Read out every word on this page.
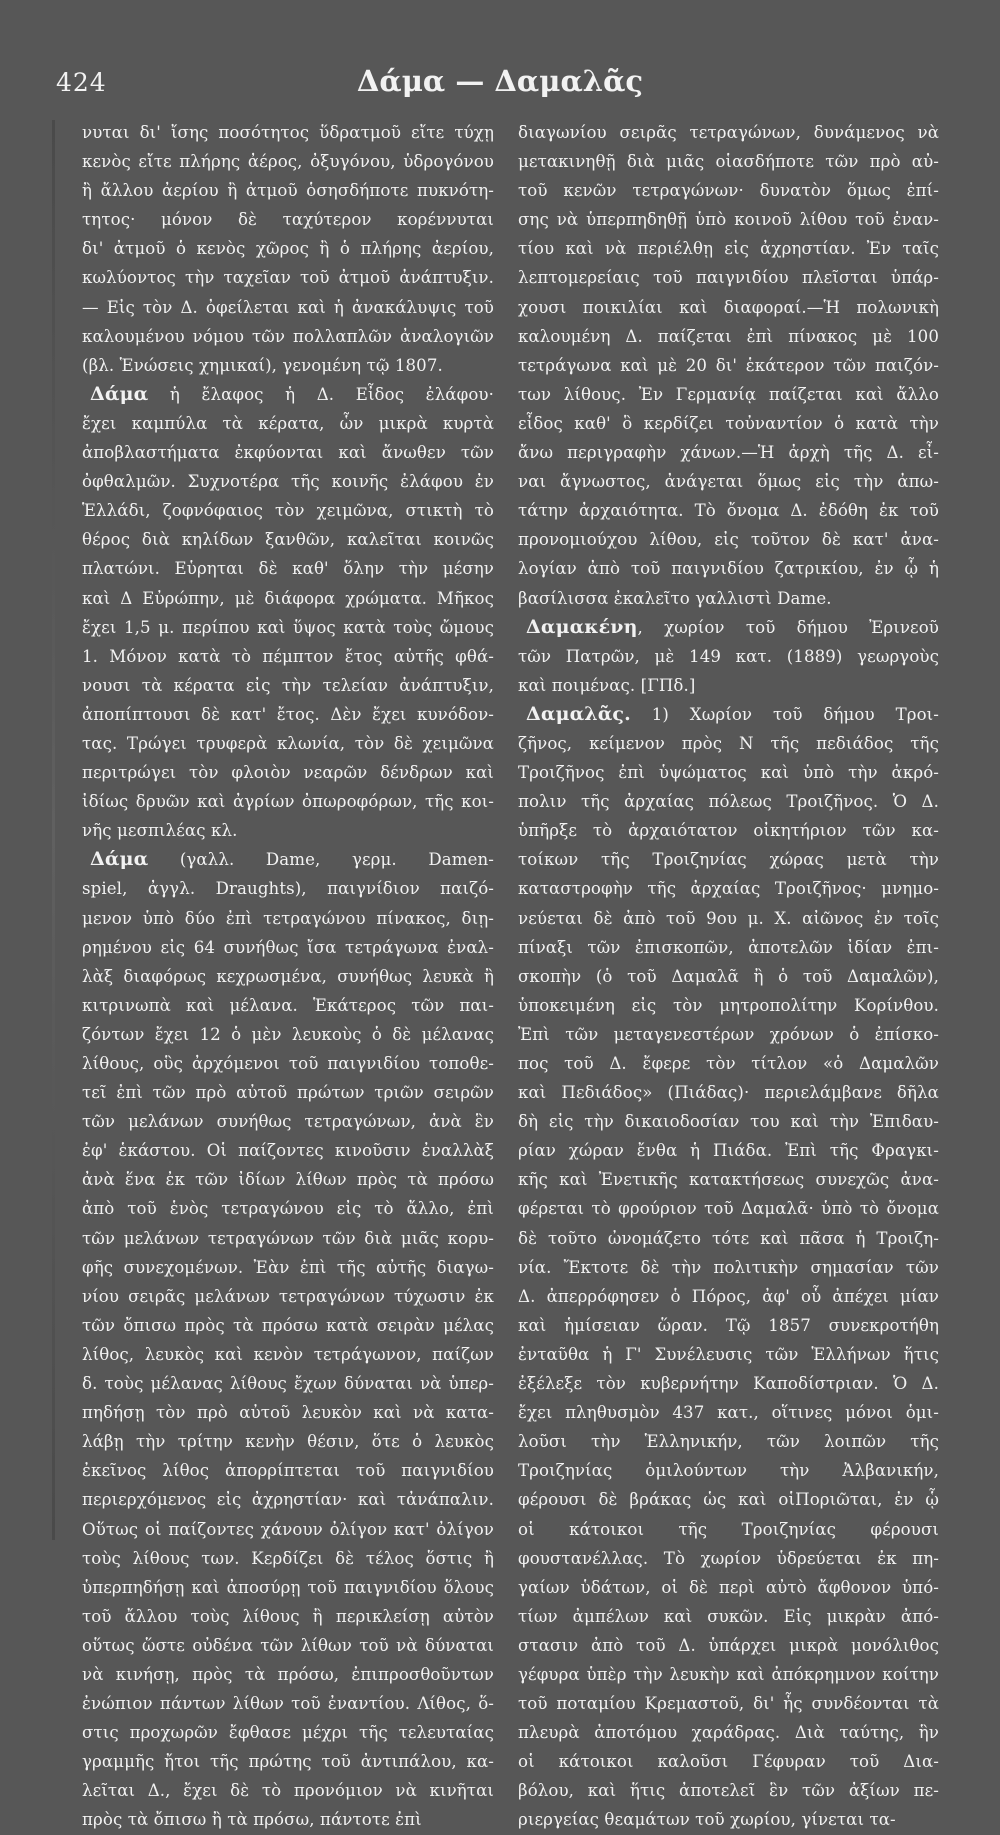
424	Δάμα — Δαμαλᾶς
νυται δι' ἴσης ποσότητος ὕδρατμοῦ εἴτε τύχῃ
κενὸς εἴτε πλήρης ἀέρος, ὀξυγόνου, ὑδρογόνου
ἢ ἄλλου ἀερίου ἢ ἀτμοῦ ὁσησδήποτε πυκνότη-
τητος· μόνον δὲ ταχύτερον κορέννυται
δι' ἀτμοῦ ὁ κενὸς χῶρος ἢ ὁ πλήρης ἀερίου,
κωλύοντος τὴν ταχεῖαν τοῦ ἀτμοῦ ἀνάπτυξιν.
— Εἰς τὸν Δ. ὀφείλεται καὶ ἡ ἀνακάλυψις τοῦ
καλουμένου νόμου τῶν πολλαπλῶν ἀναλογιῶν
(βλ. Ἑνώσεις χημικαί), γενομένη τῷ 1807.
Δάμα ἡ ἔλαφος ἡ Δ. Εἶδος ἐλάφου·
ἔχει καμπύλα τὰ κέρατα, ὧν μικρὰ κυρτὰ
ἀποβλαστήματα ἐκφύονται καὶ ἄνωθεν τῶν
ὀφθαλμῶν. Συχνοτέρα τῆς κοινῆς ἐλάφου ἐν
Ἑλλάδι, ζοφνόφαιος τὸν χειμῶνα, στικτὴ τὸ
θέρος διὰ κηλίδων ξανθῶν, καλεῖται κοινῶς
πλατώνι. Εὑρηται δὲ καθ' ὅλην τὴν μέσην
καὶ Δ Εὐρώπην, μὲ διάφορα χρώματα. Μῆκος
ἔχει 1,5 μ. περίπου καὶ ὕψος κατὰ τοὺς ὤμους
1. Μόνον κατὰ τὸ πέμπτον ἔτος αὐτῆς φθά-
νουσι τὰ κέρατα εἰς τὴν τελείαν ἀνάπτυξιν,
ἀποπίπτουσι δὲ κατ' ἔτος. Δὲν ἔχει κυνόδον-
τας. Τρώγει τρυφερὰ κλωνία, τὸν δὲ χειμῶνα
περιτρώγει τὸν φλοιὸν νεαρῶν δένδρων καὶ
ἰδίως δρυῶν καὶ ἀγρίων ὀπωροφόρων, τῆς κοι-
νῆς μεσπιλέας κλ.
Δάμα (γαλλ. Dame, γερμ. Damen-
spiel, ἀγγλ. Draughts), παιγνίδιον παιζό-
μενον ὑπὸ δύο ἐπὶ τετραγώνου πίνακος, διῃ-
ρημένου εἰς 64 συνήθως ἴσα τετράγωνα ἐναλ-
λὰξ διαφόρως κεχρωσμένα, συνήθως λευκὰ ἢ
κιτρινωπὰ καὶ μέλανα. Ἑκάτερος τῶν παι-
ζόντων ἔχει 12 ὁ μὲν λευκοὺς ὁ δὲ μέλανας
λίθους, οὓς ἀρχόμενοι τοῦ παιγνιδίου τοποθε-
τεῖ ἐπὶ τῶν πρὸ αὐτοῦ πρώτων τριῶν σειρῶν
τῶν μελάνων συνήθως τετραγώνων, ἀνὰ ἓν
ἐφ' ἑκάστου. Οἱ παίζοντες κινοῦσιν ἐναλλὰξ
ἀνὰ ἕνα ἐκ τῶν ἰδίων λίθων πρὸς τὰ πρόσω
ἀπὸ τοῦ ἑνὸς τετραγώνου εἰς τὸ ἄλλο, ἐπὶ
τῶν μελάνων τετραγώνων τῶν διὰ μιᾶς κορυ-
φῆς συνεχομένων. Ἐὰν ἐπὶ τῆς αὐτῆς διαγω-
νίου σειρᾶς μελάνων τετραγώνων τύχωσιν ἐκ
τῶν ὄπισω πρὸς τὰ πρόσω κατὰ σειρὰν μέλας
λίθος, λευκὸς καὶ κενὸν τετράγωνον, παίζων
δ. τοὺς μέλανας λίθους ἔχων δύναται νὰ ὑπερ-
πηδήσῃ τὸν πρὸ αὐτοῦ λευκὸν καὶ νὰ κατα-
λάβῃ τὴν τρίτην κενὴν θέσιν, ὅτε ὁ λευκὸς
ἐκεῖνος λίθος ἀπορρίπτεται τοῦ παιγνιδίου
περιερχόμενος εἰς ἀχρηστίαν· καὶ τἀνάπαλιν.
Οὕτως οἱ παίζοντες χάνουν ὀλίγον κατ' ὀλίγον
τοὺς λίθους των. Κερδίζει δὲ τέλος ὅστις ἢ
ὑπερπηδήσῃ καὶ ἀποσύρῃ τοῦ παιγνιδίου ὅλους
τοῦ ἄλλου τοὺς λίθους ἢ περικλείσῃ αὐτὸν
οὕτως ὥστε οὐδένα τῶν λίθων τοῦ νὰ δύναται
νὰ κινήσῃ, πρὸς τὰ πρόσω, ἐπιπροσθοῦντων
ἐνώπιον πάντων λίθων τοῦ ἐναντίου. Λίθος, ὅ-
στις προχωρῶν ἔφθασε μέχρι τῆς τελευταίας
γραμμῆς ἤτοι τῆς πρώτης τοῦ ἀντιπάλου, κα-
λεῖται Δ., ἔχει δὲ τὸ προνόμιον νὰ κινῆται
πρὸς τὰ ὄπισω ἢ τὰ πρόσω, πάντοτε ἐπὶ
διαγωνίου σειρᾶς τετραγώνων, δυνάμενος νὰ
μετακινηθῇ διὰ μιᾶς οἱασδήποτε τῶν πρὸ αὐ-
τοῦ κενῶν τετραγώνων· δυνατὸν ὅμως ἐπί-
σης νὰ ὑπερπηδηθῇ ὑπὸ κοινοῦ λίθου τοῦ ἐναν-
τίου καὶ νὰ περιέλθῃ εἰς ἀχρηστίαν. Ἐν ταῖς
λεπτομερείαις τοῦ παιγνιδίου πλεῖσται ὑπάρ-
χουσι ποικιλίαι καὶ διαφοραί.—Ἡ πολωνικὴ
καλουμένη Δ. παίζεται ἐπὶ πίνακος μὲ 100
τετράγωνα καὶ μὲ 20 δι' ἑκάτερον τῶν παιζόν-
των λίθους. Ἐν Γερμανίᾳ παίζεται καὶ ἄλλο
εἶδος καθ' ὃ κερδίζει τοὐναντίον ὁ κατὰ τὴν
ἄνω περιγραφὴν χάνων.—Ἡ ἀρχὴ τῆς Δ. εἶ-
ναι ἄγνωστος, ἀνάγεται ὅμως εἰς τὴν ἀπω-
τάτην ἀρχαιότητα. Τὸ ὄνομα Δ. ἐδόθη ἐκ τοῦ
προνομιούχου λίθου, εἰς τοῦτον δὲ κατ' ἀνα-
λογίαν ἀπὸ τοῦ παιγνιδίου ζατρικίου, ἐν ᾧ ἡ
βασίλισσα ἐκαλεῖτο γαλλιστὶ Dame.
Δαμακένη, χωρίον τοῦ δήμου Ἐρινεοῦ
τῶν Πατρῶν, μὲ 149 κατ. (1889) γεωργοὺς
καὶ ποιμένας. [ΓΠδ.]
Δαμαλᾶς. 1) Χωρίον τοῦ δήμου Τροι-
ζῆνος, κείμενον πρὸς Ν τῆς πεδιάδος τῆς
Τροιζῆνος ἐπὶ ὑψώματος καὶ ὑπὸ τὴν ἀκρό-
πολιν τῆς ἀρχαίας πόλεως Τροιζῆνος. Ὁ Δ.
ὑπῆρξε τὸ ἀρχαιότατον οἰκητήριον τῶν κα-
τοίκων τῆς Τροιζηνίας χώρας μετὰ τὴν
καταστροφὴν τῆς ἀρχαίας Τροιζῆνος· μνημο-
νεύεται δὲ ἀπὸ τοῦ 9ου μ. Χ. αἰῶνος ἐν τοῖς
πίναξι τῶν ἐπισκοπῶν, ἀποτελῶν ἰδίαν ἐπι-
σκοπὴν (ὁ τοῦ Δαμαλᾶ ἢ ὁ τοῦ Δαμαλῶν),
ὑποκειμένη εἰς τὸν μητροπολίτην Κορίνθου.
Ἐπὶ τῶν μεταγενεστέρων χρόνων ὁ ἐπίσκο-
πος τοῦ Δ. ἔφερε τὸν τίτλον «ὁ Δαμαλῶν
καὶ Πεδιάδος» (Πιάδας)· περιελάμβανε δῆλα
δὴ εἰς τὴν δικαιοδοσίαν του καὶ τὴν Ἐπιδαυ-
ρίαν χώραν ἔνθα ἡ Πιάδα. Ἐπὶ τῆς Φραγκι-
κῆς καὶ Ἐνετικῆς κατακτήσεως συνεχῶς ἀνα-
φέρεται τὸ φρούριον τοῦ Δαμαλᾶ· ὑπὸ τὸ ὄνομα
δὲ τοῦτο ὠνομάζετο τότε καὶ πᾶσα ἡ Τροιζη-
νία. Ἔκτοτε δὲ τὴν πολιτικὴν σημασίαν τῶν
Δ. ἀπερρόφησεν ὁ Πόρος, ἀφ' οὗ ἀπέχει μίαν
καὶ ἡμίσειαν ὥραν. Τῷ 1857 συνεκροτήθη
ἐνταῦθα ἡ Γ' Συνέλευσις τῶν Ἑλλήνων ἥτις
ἐξέλεξε τὸν κυβερνήτην Καποδίστριαν. Ὁ Δ.
ἔχει πληθυσμὸν 437 κατ., οἵτινες μόνοι ὁμι-
λοῦσι τὴν Ἑλληνικήν, τῶν λοιπῶν τῆς
Τροιζηνίας ὁμιλούντων τὴν Ἀλβανικήν,
φέρουσι δὲ βράκας ὡς καὶ οἱΠοριῶται, ἐν ᾧ
οἱ κάτοικοι τῆς Τροιζηνίας φέρουσι
φουστανέλλας. Τὸ χωρίον ὑδρεύεται ἐκ πη-
γαίων ὑδάτων, οἱ δὲ περὶ αὐτὸ ἄφθονον ὑπό-
τίων ἀμπέλων καὶ συκῶν. Εἰς μικρὰν ἀπό-
στασιν ἀπὸ τοῦ Δ. ὑπάρχει μικρὰ μονόλιθος
γέφυρα ὑπὲρ τὴν λευκὴν καὶ ἀπόκρημνον κοίτην
τοῦ ποταμίου Κρεμαστοῦ, δι' ἧς συνδέονται τὰ
πλευρὰ ἀποτόμου χαράδρας. Διὰ ταύτης, ἣν
οἱ κάτοικοι καλοῦσι Γέφυραν τοῦ Δια-
βόλου, καὶ ἥτις ἀποτελεῖ ἓν τῶν ἀξίων πε-
ριεργείας θεαμάτων τοῦ χωρίου, γίνεται τα-
